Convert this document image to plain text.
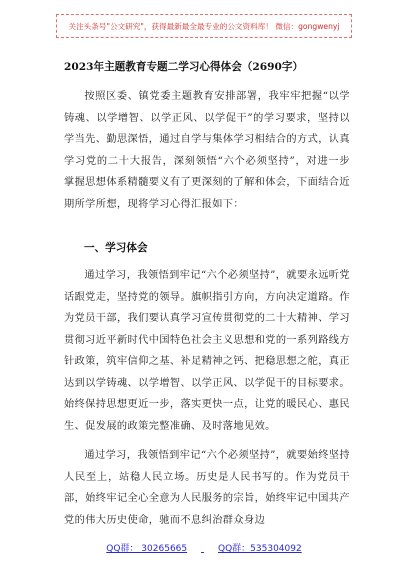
关注头条号"公文研究"，获得最新最全最专业的公文资料库！ 微信：gongwenyj
2023年主题教育专题二学习心得体会（2690字）

按照区委、镇党委主题教育安排部署，我牢牢把握“以学铸魂、以学增智、以学正风、以学促干”的学习要求，坚持以学当先、勤思深悟，通过自学与集体学习相结合的方式，认真学习党的二十大报告，深刻领悟“六个必须坚持”，对进一步掌握思想体系精髓要义有了更深刻的了解和体会，下面结合近期所学所想，现将学习心得汇报如下：

一、学习体会

通过学习，我领悟到牢记“六个必须坚持”，就要永远听党话跟党走，坚持党的领导。旗帜指引方向，方向决定道路。作为党员干部，我们要认真学习宣传贯彻党的二十大精神、学习贯彻习近平新时代中国特色社会主义思想和党的一系列路线方针政策，筑牢信仰之基、补足精神之钙、把稳思想之舵，真正达到以学铸魂、以学增智、以学正风、以学促干的目标要求。始终保持思想更近一步，落实更快一点，让党的暖民心、惠民生、促发展的政策完整准确、及时落地见效。

通过学习，我领悟到牢记“六个必须坚持”，就要始终坚持人民至上，站稳人民立场。历史是人民书写的。作为党员干部，始终牢记全心全意为人民服务的宗旨，始终牢记中国共产党的伟大历史使命，驰而不息纠治群众身边

QQ群： 30265665	QQ群：535304092
